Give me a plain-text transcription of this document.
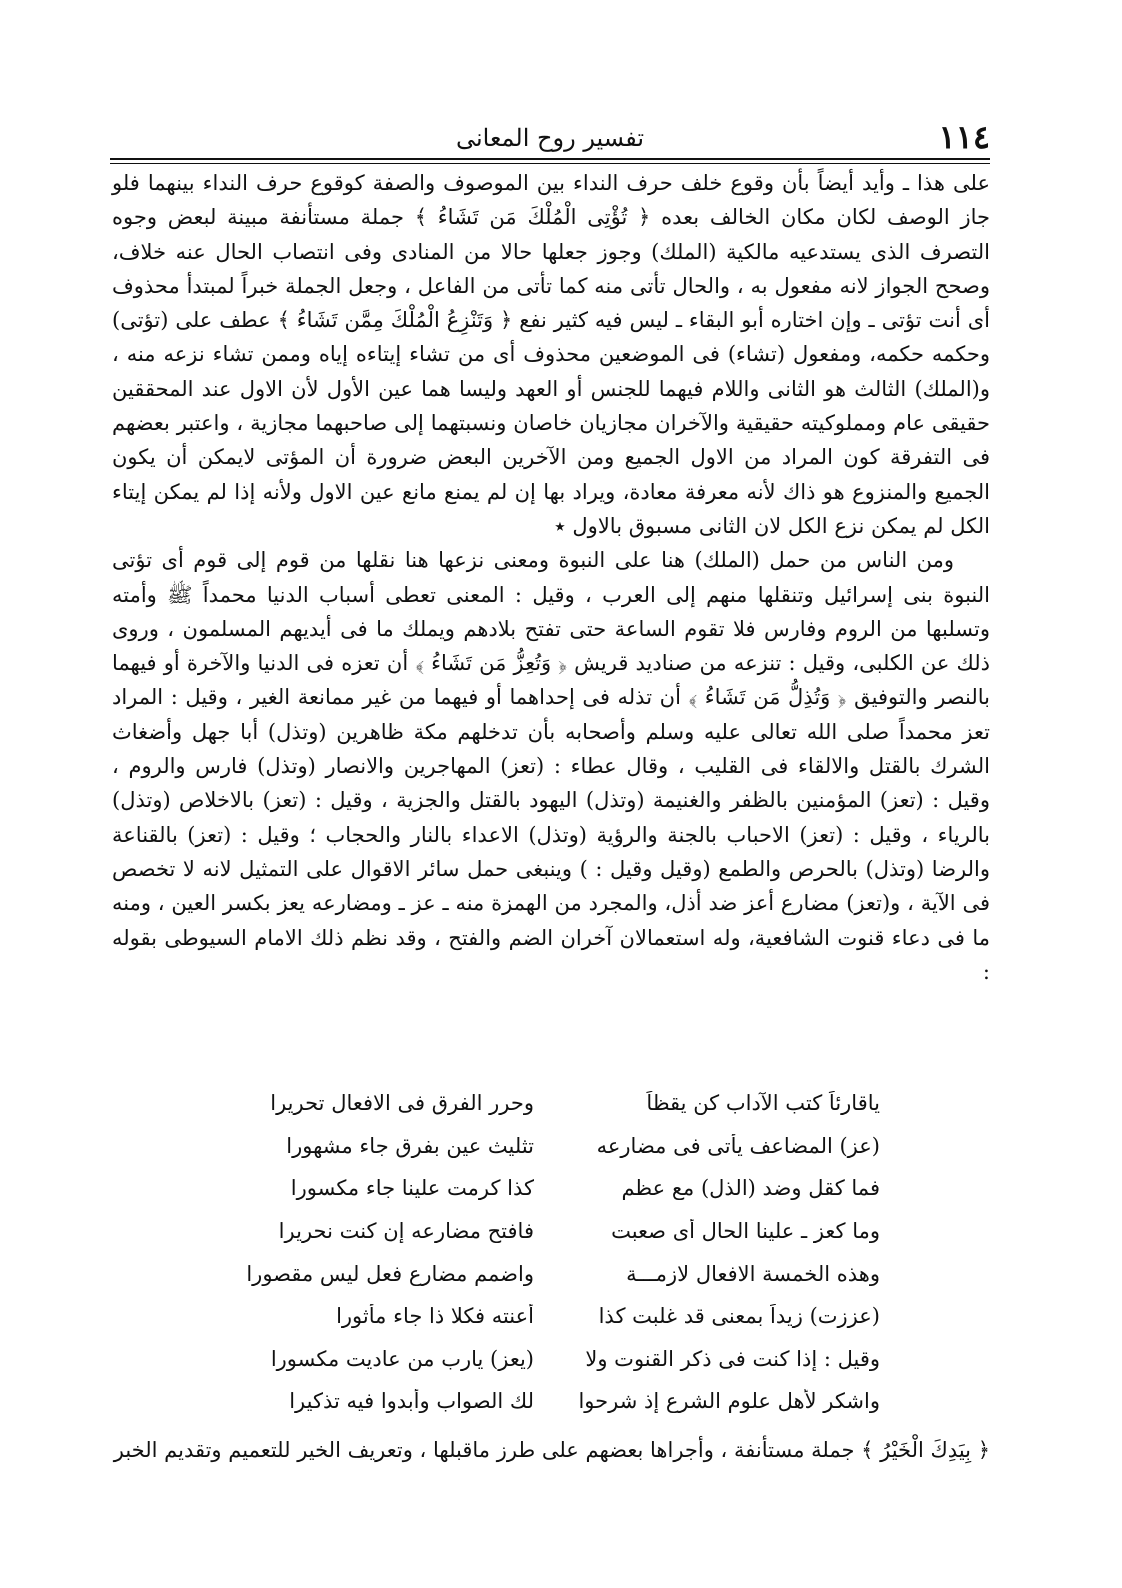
١١٤
تفسير روح المعانى

على هذا ـ وأيد أيضاً بأن وقوع خلف حرف النداء بين الموصوف والصفة كوقوع حرف النداء بينهما فلو جاز الوصف لكان مكان الخالف بعده ﴿ تُؤْتِى الْمُلْكَ مَن تَشَاءُ ﴾ جملة مستأنفة مبينة لبعض وجوه التصرف الذى يستدعيه مالكية (الملك) وجوز جعلها حالا من المنادى وفى انتصاب الحال عنه خلاف، وصحح الجواز لانه مفعول به ، والحال تأتى منه كما تأتى من الفاعل ، وجعل الجملة خبراً لمبتدأ محذوف أى أنت تؤتى ـ وإن اختاره أبو البقاء ـ ليس فيه كثير نفع ﴿ وَتَنْزِعُ الْمُلْكَ مِمَّن تَشَاءُ ﴾ عطف على (تؤتى) وحكمه حكمه، ومفعول (تشاء) فى الموضعين محذوف أى من تشاء إيتاءه إياه وممن تشاء نزعه منه ، و(الملك) الثالث هو الثانى واللام فيهما للجنس أو العهد وليسا هما عين الأول لأن الاول عند المحققين حقيقى عام ومملوكيته حقيقية والآخران مجازيان خاصان ونسبتهما إلى صاحبهما مجازية ، واعتبر بعضهم فى التفرقة كون المراد من الاول الجميع ومن الآخرين البعض ضرورة أن المؤتى لايمكن أن يكون الجميع والمنزوع هو ذاك لأنه معرفة معادة، ويراد بها إن لم يمنع مانع عين الاول ولأنه إذا لم يمكن إيتاء الكل لم يمكن نزع الكل لان الثانى مسبوق بالاول ٭

ومن الناس من حمل (الملك) هنا على النبوة ومعنى نزعها هنا نقلها من قوم إلى قوم أى تؤتى النبوة بنى إسرائيل وتنقلها منهم إلى العرب ، وقيل : المعنى تعطى أسباب الدنيا محمداً ﷺ وأمته وتسلبها من الروم وفارس فلا تقوم الساعة حتى تفتح بلادهم ويملك ما فى أيديهم المسلمون ، وروى ذلك عن الكلبى، وقيل : تنزعه من صناديد قريش ﴿ وَتُعِزُّ مَن تَشَاءُ ﴾ أن تعزه فى الدنيا والآخرة أو فيهما بالنصر والتوفيق ﴿ وَتُذِلُّ مَن تَشَاءُ ﴾ أن تذله فى إحداهما أو فيهما من غير ممانعة الغير ، وقيل : المراد تعز محمداً صلى الله تعالى عليه وسلم وأصحابه بأن تدخلهم مكة ظاهرين (وتذل) أبا جهل وأضغاث الشرك بالقتل والالقاء فى القليب ، وقال عطاء : (تعز) المهاجرين والانصار (وتذل) فارس والروم ، وقيل : (تعز) المؤمنين بالظفر والغنيمة (وتذل) اليهود بالقتل والجزية ، وقيل : (تعز) بالاخلاص (وتذل) بالرياء ، وقيل : (تعز) الاحباب بالجنة والرؤية (وتذل) الاعداء بالنار والحجاب ؛ وقيل : (تعز) بالقناعة والرضا (وتذل) بالحرص والطمع (وقيل وقيل : ) وينبغى حمل سائر الاقوال على التمثيل لانه لا تخصص فى الآية ، و(تعز) مضارع أعز ضد أذل، والمجرد من الهمزة منه ـ عز ـ ومضارعه يعز بكسر العين ، ومنه ما فى دعاء قنوت الشافعية، وله استعمالان آخران الضم والفتح ، وقد نظم ذلك الامام السيوطى بقوله :

ياقارئاً كتب الآداب كن يقظاً
وحرر الفرق فى الافعال تحريرا
(عز) المضاعف يأتى فى مضارعه
تثليث عين بفرق جاء مشهورا
فما كقل وضد (الذل) مع عظم
كذا كرمت علينا جاء مكسورا
وما كعز ـ علينا الحال أى صعبت
فافتح مضارعه إن كنت نحريرا
وهذه الخمسة الافعال لازمـــة
واضمم مضارع فعل ليس مقصورا
(عززت) زيداً بمعنى قد غلبت كذا
أعنته فكلا ذا جاء مأثورا
وقيل : إذا كنت فى ذكر القنوت ولا
(يعز) يارب من عاديت مكسورا
واشكر لأهل علوم الشرع إذ شرحوا
لك الصواب وأبدوا فيه تذكيرا
﴿ بِيَدِكَ الْخَيْرُ ﴾ جملة مستأنفة ، وأجراها بعضهم على طرز ماقبلها ، وتعريف الخير للتعميم وتقديم الخبر
